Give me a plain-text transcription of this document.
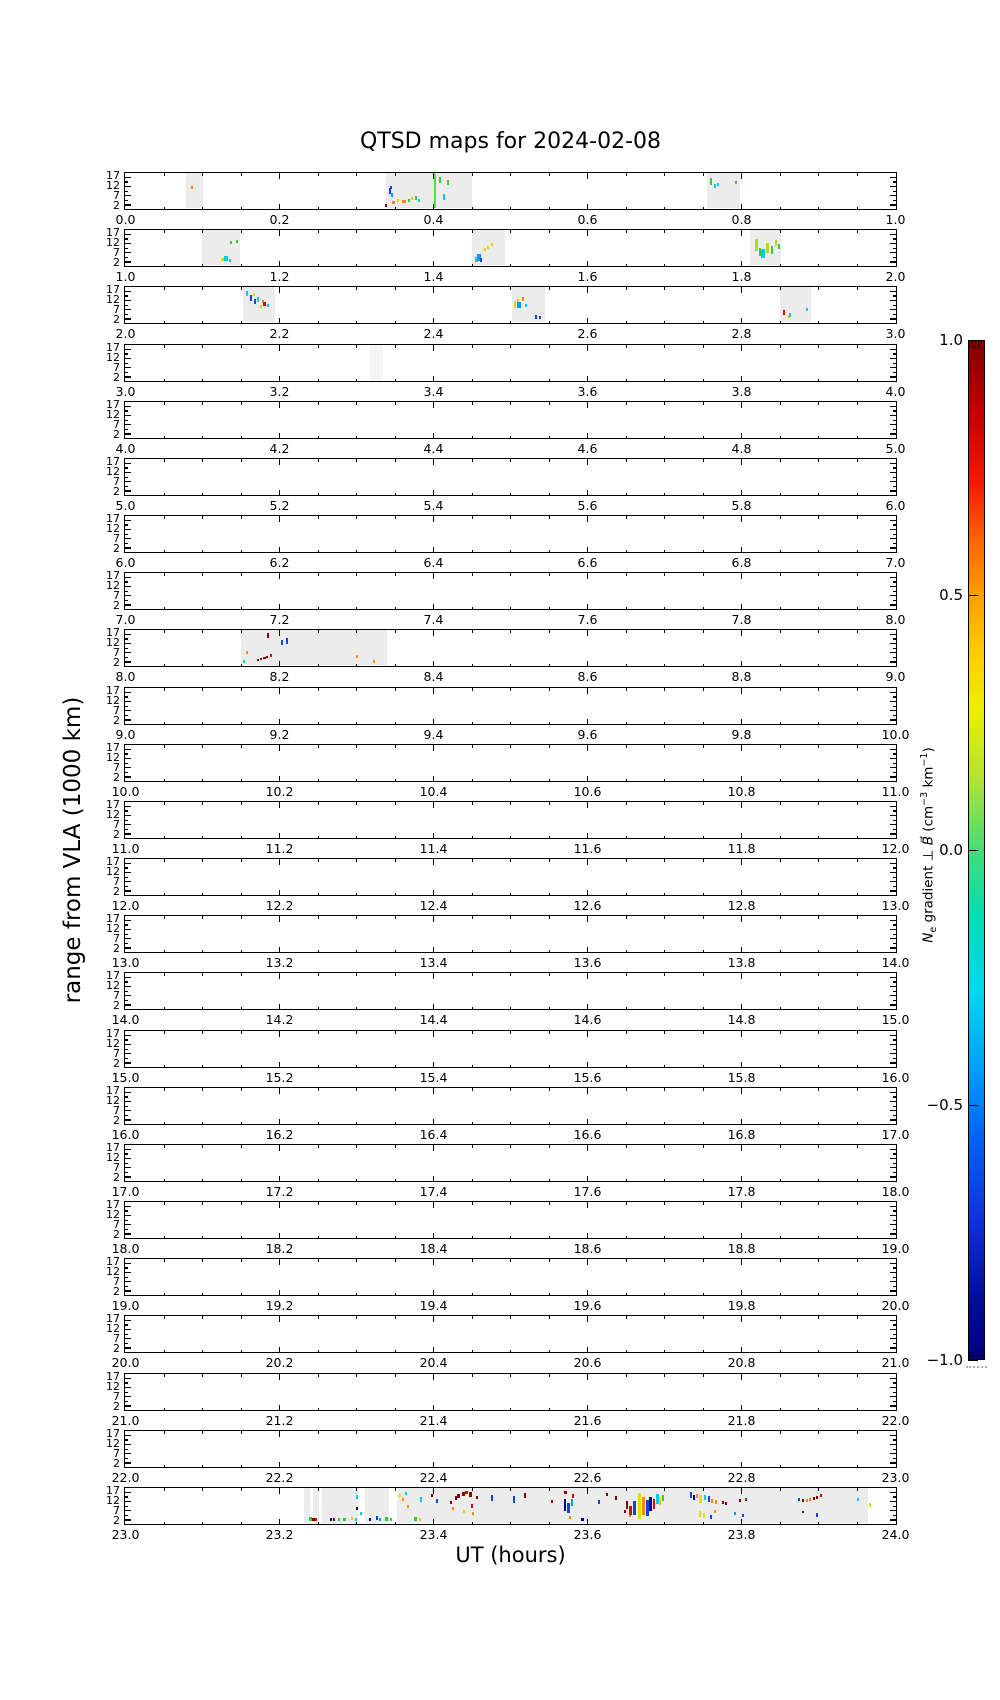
QTSD maps for 2024-02-08
range from VLA (1000 km)
17
12
7
2
0.0	0.2	0.4	0.6	0.8	1.0
17
12
7
2
1.0	1.2	1.4	1.6	1.8	2.0
17
12
7
2
2.0	2.2	2.4	2.6	2.8	3.0
17
12
7
2
3.0	3.2	3.4	3.6	3.8	4.0
17
12
7
2
4.0	4.2	4.4	4.6	4.8	5.0
17
12
7
2
5.0	5.2	5.4	5.6	5.8	6.0
17
12
7
2
6.0	6.2	6.4	6.6	6.8	7.0
17
12
7
2
7.0	7.2	7.4	7.6	7.8	8.0
17
12
7
2
8.0	8.2	8.4	8.6	8.8	9.0
17
12
7
2
9.0	9.2	9.4	9.6	9.8	10.0
17
12
7
2
10.0	10.2	10.4	10.6	10.8	11.0
17
12
7
2
11.0	11.2	11.4	11.6	11.8	12.0
17
12
7
2
12.0	12.2	12.4	12.6	12.8	13.0
17
12
7
2
13.0	13.2	13.4	13.6	13.8	14.0
17
12
7
2
14.0	14.2	14.4	14.6	14.8	15.0
17
12
7
2
15.0	15.2	15.4	15.6	15.8	16.0
17
12
7
2
16.0	16.2	16.4	16.6	16.8	17.0
17
12
7
2
17.0	17.2	17.4	17.6	17.8	18.0
17
12
7
2
18.0	18.2	18.4	18.6	18.8	19.0
17
12
7
2
19.0	19.2	19.4	19.6	19.8	20.0
17
12
7
2
20.0	20.2	20.4	20.6	20.8	21.0
17
12
7
2
21.0	21.2	21.4	21.6	21.8	22.0
17
12
7
2
22.0	22.2	22.4	22.6	22.8	23.0
17
12
7
2
23.0	23.2	23.4	23.6	23.8	24.0
UT (hours)
1.0
0.5
0.0
−0.5
−1.0
$N_e$ gradient ⊥ B⃗ ($cm^{-3}$ $km^{-1}$)
